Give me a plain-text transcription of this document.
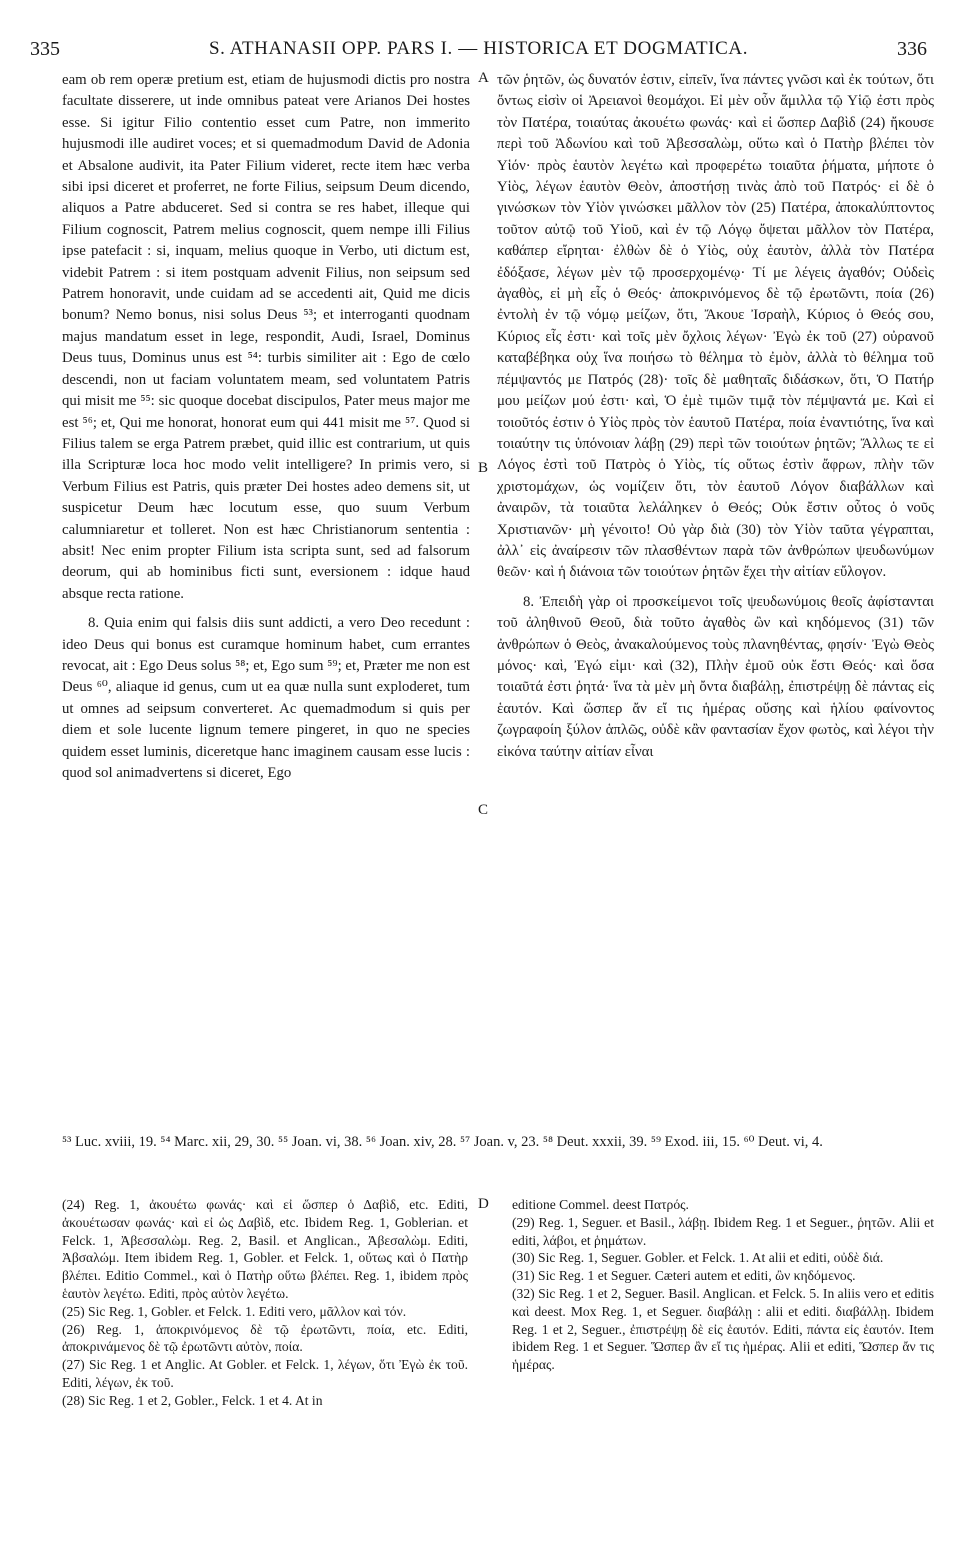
335	S. ATHANASII OPP. PARS I. — HISTORICA ET DOGMATICA.	336

eam ob rem operæ pretium est, etiam de hujusmodi dictis pro nostra facultate disserere, ut inde omnibus pateat vere Arianos Dei hostes esse. Si igitur Filio contentio esset cum Patre, non immerito hujusmodi ille audiret voces; et si quemadmodum David de Adonia et Absalone audivit, ita Pater Filium videret, recte item hæc verba sibi ipsi diceret et proferret, ne forte Filius, seipsum Deum dicendo, aliquos a Patre abduceret. Sed si contra se res habet, illeque qui Filium cognoscit, Patrem melius cognoscit, quem nempe illi Filius ipse patefacit : si, inquam, melius quoque in Verbo, uti dictum est, videbit Patrem : si item postquam advenit Filius, non seipsum sed Patrem honoravit, unde cuidam ad se accedenti ait, Quid me dicis bonum? Nemo bonus, nisi solus Deus ⁵³; et interroganti quodnam majus mandatum esset in lege, respondit, Audi, Israel, Dominus Deus tuus, Dominus unus est ⁵⁴: turbis similiter ait : Ego de cœlo descendi, non ut faciam voluntatem meam, sed voluntatem Patris qui misit me ⁵⁵: sic quoque docebat discipulos, Pater meus major me est ⁵⁶; et, Qui me honorat, honorat eum qui 441 misit me ⁵⁷. Quod si Filius talem se erga Patrem præbet, quid illic est contrarium, ut quis illa Scripturæ loca hoc modo velit intelligere? In primis vero, si Verbum Filius est Patris, quis præter Dei hostes adeo demens sit, ut suspicetur Deum hæc locutum esse, quo suum Verbum calumniaretur et tolleret. Non est hæc Christianorum sententia : absit! Nec enim propter Filium ista scripta sunt, sed ad falsorum deorum, qui ab hominibus ficti sunt, eversionem : idque haud absque recta ratione.

8. Quia enim qui falsis diis sunt addicti, a vero Deo recedunt : ideo Deus qui bonus est curamque hominum habet, cum errantes revocat, ait : Ego Deus solus ⁵⁸; et, Ego sum ⁵⁹; et, Præter me non est Deus ⁶⁰, aliaque id genus, cum ut ea quæ nulla sunt exploderet, tum ut omnes ad seipsum converteret. Ac quemadmodum si quis per diem et sole lucente lignum temere pingeret, in quo ne species quidem esset luminis, diceretque hanc imaginem causam esse lucis : quod sol animadvertens si diceret, Ego

A
B
C

τῶν ῥητῶν, ὡς δυνατόν ἐστιν, εἰπεῖν, ἵνα πάντες γνῶσι καὶ ἐκ τούτων, ὅτι ὄντως εἰσὶν οἱ Ἀρειανοὶ θεομάχοι. Εἰ μὲν οὖν ἅμιλλα τῷ Υἱῷ ἐστι πρὸς τὸν Πατέρα, τοιαύτας ἀκουέτω φωνάς· καὶ εἰ ὥσπερ Δαβὶδ (24) ἤκουσε περὶ τοῦ Ἀδωνίου καὶ τοῦ Ἀβεσσαλὼμ, οὕτω καὶ ὁ Πατὴρ βλέπει τὸν Υἱόν· πρὸς ἑαυτὸν λεγέτω καὶ προφερέτω τοιαῦτα ῥήματα, μήποτε ὁ Υἱὸς, λέγων ἑαυτὸν Θεὸν, ἀποστήσῃ τινὰς ἀπὸ τοῦ Πατρός· εἰ δὲ ὁ γινώσκων τὸν Υἱὸν γινώσκει μᾶλλον τὸν (25) Πατέρα, ἀποκαλύπτοντος τοῦτον αὐτῷ τοῦ Υἱοῦ, καὶ ἐν τῷ Λόγῳ ὄψεται μᾶλλον τὸν Πατέρα, καθάπερ εἴρηται· ἐλθὼν δὲ ὁ Υἱὸς, οὐχ ἑαυτὸν, ἀλλὰ τὸν Πατέρα ἐδόξασε, λέγων μὲν τῷ προσερχομένῳ· Τί με λέγεις ἀγαθόν; Οὐδεὶς ἀγαθὸς, εἰ μὴ εἷς ὁ Θεός· ἀποκρινόμενος δὲ τῷ ἐρωτῶντι, ποία (26) ἐντολὴ ἐν τῷ νόμῳ μείζων, ὅτι, Ἄκουε Ἰσραὴλ, Κύριος ὁ Θεός σου, Κύριος εἷς ἐστι· καὶ τοῖς μὲν ὄχλοις λέγων· Ἐγὼ ἐκ τοῦ (27) οὐρανοῦ καταβέβηκα οὐχ ἵνα ποιήσω τὸ θέλημα τὸ ἐμὸν, ἀλλὰ τὸ θέλημα τοῦ πέμψαντός με Πατρός (28)· τοῖς δὲ μαθηταῖς διδάσκων, ὅτι, Ὁ Πατήρ μου μείζων μού ἐστι· καὶ, Ὁ ἐμὲ τιμῶν τιμᾷ τὸν πέμψαντά με. Καὶ εἰ τοιοῦτός ἐστιν ὁ Υἱὸς πρὸς τὸν ἑαυτοῦ Πατέρα, ποία ἐναντιότης, ἵνα καὶ τοιαύτην τις ὑπόνοιαν λάβῃ (29) περὶ τῶν τοιούτων ῥητῶν; Ἄλλως τε εἰ Λόγος ἐστὶ τοῦ Πατρὸς ὁ Υἱὸς, τίς οὕτως ἐστὶν ἄφρων, πλὴν τῶν χριστομάχων, ὡς νομίζειν ὅτι, τὸν ἑαυτοῦ Λόγον διαβάλλων καὶ ἀναιρῶν, τὰ τοιαῦτα λελάληκεν ὁ Θεός; Οὐκ ἔστιν οὗτος ὁ νοῦς Χριστιανῶν· μὴ γένοιτο! Οὐ γὰρ διὰ (30) τὸν Υἱὸν ταῦτα γέγραπται, ἀλλ᾽ εἰς ἀναίρεσιν τῶν πλασθέντων παρὰ τῶν ἀνθρώπων ψευδωνύμων θεῶν· καὶ ἡ διάνοια τῶν τοιούτων ῥητῶν ἔχει τὴν αἰτίαν εὔλογον.

8. Ἐπειδὴ γὰρ οἱ προσκείμενοι τοῖς ψευδωνύμοις θεοῖς ἀφίστανται τοῦ ἀληθινοῦ Θεοῦ, διὰ τοῦτο ἀγαθὸς ὢν καὶ κηδόμενος (31) τῶν ἀνθρώπων ὁ Θεὸς, ἀνακαλούμενος τοὺς πλανηθέντας, φησίν· Ἐγὼ Θεὸς μόνος· καὶ, Ἐγώ εἰμι· καὶ (32), Πλὴν ἐμοῦ οὐκ ἔστι Θεός· καὶ ὅσα τοιαῦτά ἐστι ῥητά· ἵνα τὰ μὲν μὴ ὄντα διαβάλῃ, ἐπιστρέψῃ δὲ πάντας εἰς ἑαυτόν. Καὶ ὥσπερ ἄν εἴ τις ἡμέρας οὔσης καὶ ἡλίου φαίνοντος ζωγραφοίη ξύλον ἁπλῶς, οὐδὲ κἂν φαντασίαν ἔχον φωτὸς, καὶ λέγοι τὴν εἰκόνα ταύτην αἰτίαν εἶναι

⁵³ Luc. xviii, 19. ⁵⁴ Marc. xii, 29, 30. ⁵⁵ Joan. vi, 38. ⁵⁶ Joan. xiv, 28. ⁵⁷ Joan. v, 23. ⁵⁸ Deut. xxxii, 39. ⁵⁹ Exod. iii, 15. ⁶⁰ Deut. vi, 4.

(24) Reg. 1, ἀκουέτω φωνάς· καὶ εἰ ὥσπερ ὁ Δαβὶδ, etc. Editi, ἀκουέτωσαν φωνάς· καὶ εἰ ὡς Δαβὶδ, etc. Ibidem Reg. 1, Goblerian. et Felck. 1, Ἀβεσσαλὼμ. Reg. 2, Basil. et Anglican., Ἀβεσαλὼμ. Editi, Ἀβσαλώμ. Item ibidem Reg. 1, Gobler. et Felck. 1, οὕτως καὶ ὁ Πατὴρ βλέπει. Editio Commel., καὶ ὁ Πατὴρ οὕτω βλέπει. Reg. 1, ibidem πρὸς ἑαυτὸν λεγέτω. Editi, πρὸς αὐτὸν λεγέτω.

(25) Sic Reg. 1, Gobler. et Felck. 1. Editi vero, μᾶλλον καὶ τόν.

(26) Reg. 1, ἀποκρινόμενος δὲ τῷ ἐρωτῶντι, ποία, etc. Editi, ἀποκρινάμενος δὲ τῷ ἐρωτῶντι αὐτὸν, ποία.

(27) Sic Reg. 1 et Anglic. At Gobler. et Felck. 1, λέγων, ὅτι Ἐγὼ ἐκ τοῦ. Editi, λέγων, ἐκ τοῦ.

(28) Sic Reg. 1 et 2, Gobler., Felck. 1 et 4. At in

D editione Commel. deest Πατρός.

(29) Reg. 1, Seguer. et Basil., λάβῃ. Ibidem Reg. 1 et Seguer., ῥητῶν. Alii et editi, λάβοι, et ῥημάτων.

(30) Sic Reg. 1, Seguer. Gobler. et Felck. 1. At alii et editi, οὐδὲ διά.

(31) Sic Reg. 1 et Seguer. Cæteri autem et editi, ὢν κηδόμενος.

(32) Sic Reg. 1 et 2, Seguer. Basil. Anglican. et Felck. 5. In aliis vero et editis καὶ deest. Mox Reg. 1, et Seguer. διαβάλῃ : alii et editi. διαβάλλῃ. Ibidem Reg. 1 et 2, Seguer., ἐπιστρέψῃ δὲ εἰς ἑαυτόν. Editi, πάντα εἰς ἑαυτόν. Item ibidem Reg. 1 et Seguer. Ὥσπερ ἂν εἴ τις ἡμέρας. Alii et editi, Ὥσπερ ἄν τις ἡμέρας.
